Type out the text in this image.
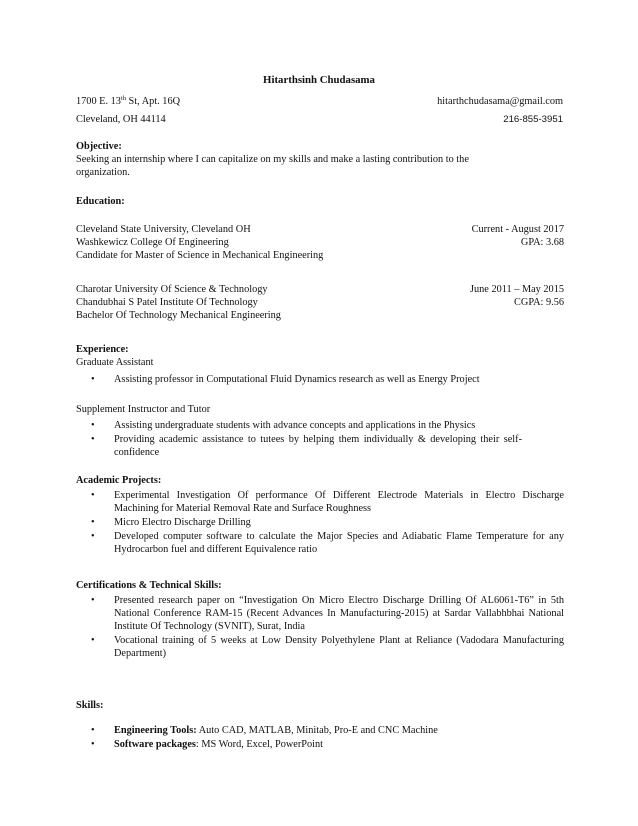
Hitarthsinh Chudasama
1700 E. 13th St, Apt. 16Q	hitarthchudasama@gmail.com
Cleveland, OH 44114	216-855-3951
Objective:
Seeking an internship where I can capitalize on my skills and make a lasting contribution to the organization.
Education:
Cleveland State University, Cleveland OH	Current - August 2017
Washkewicz College Of Engineering	GPA: 3.68
Candidate for Master of Science in Mechanical Engineering
Charotar University Of Science & Technology	June 2011 – May 2015
Chandubhai S Patel Institute Of Technology	CGPA: 9.56
Bachelor Of Technology Mechanical Engineering
Experience:
Graduate Assistant
• Assisting professor in Computational Fluid Dynamics research as well as Energy Project
Supplement Instructor and Tutor
• Assisting undergraduate students with advance concepts and applications in the Physics
• Providing academic assistance to tutees by helping them individually & developing their self-confidence
Academic Projects:
• Experimental Investigation Of performance Of Different Electrode Materials in Electro Discharge Machining for Material Removal Rate and Surface Roughness
• Micro Electro Discharge Drilling
• Developed computer software to calculate the Major Species and Adiabatic Flame Temperature for any Hydrocarbon fuel and different Equivalence ratio
Certifications & Technical Skills:
• Presented research paper on “Investigation On Micro Electro Discharge Drilling Of AL6061-T6” in 5th National Conference RAM-15 (Recent Advances In Manufacturing-2015) at Sardar Vallabhbhai National Institute Of Technology (SVNIT), Surat, India
• Vocational training of 5 weeks at Low Density Polyethylene Plant at Reliance (Vadodara Manufacturing Department)
Skills:
• Engineering Tools: Auto CAD, MATLAB, Minitab, Pro-E and CNC Machine
• Software packages: MS Word, Excel, PowerPoint
